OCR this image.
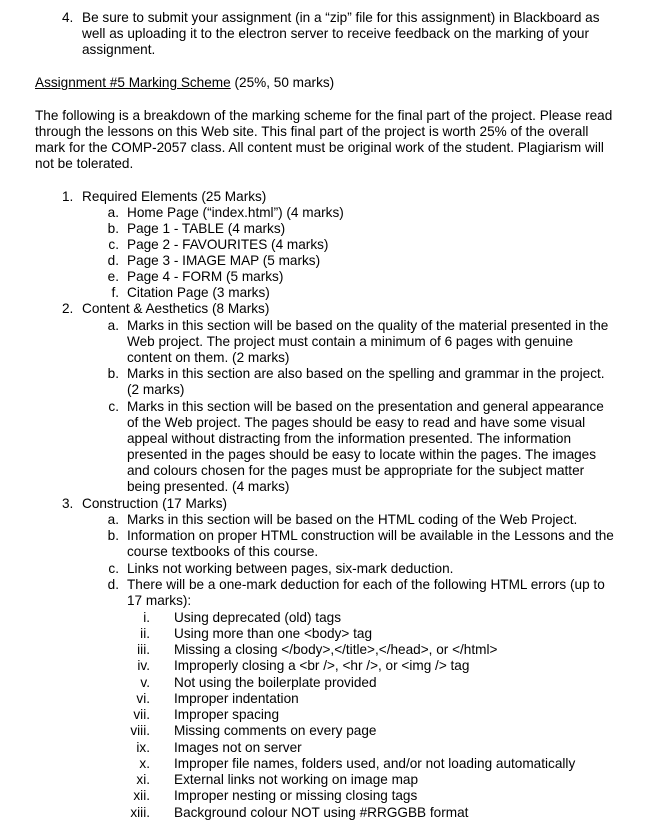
4. Be sure to submit your assignment (in a “zip” file for this assignment) in Blackboard as
well as uploading it to the electron server to receive feedback on the marking of your
assignment.
Assignment #5 Marking Scheme (25%, 50 marks)
The following is a breakdown of the marking scheme for the final part of the project. Please read
through the lessons on this Web site. This final part of the project is worth 25% of the overall
mark for the COMP-2057 class. All content must be original work of the student. Plagiarism will
not be tolerated.
1. Required Elements (25 Marks)
a. Home Page (“index.html”) (4 marks)
b. Page 1 - TABLE (4 marks)
c. Page 2 - FAVOURITES (4 marks)
d. Page 3 - IMAGE MAP (5 marks)
e. Page 4 - FORM (5 marks)
f. Citation Page (3 marks)
2. Content & Aesthetics (8 Marks)
a. Marks in this section will be based on the quality of the material presented in the
Web project. The project must contain a minimum of 6 pages with genuine
content on them. (2 marks)
b. Marks in this section are also based on the spelling and grammar in the project.
(2 marks)
c. Marks in this section will be based on the presentation and general appearance
of the Web project. The pages should be easy to read and have some visual
appeal without distracting from the information presented. The information
presented in the pages should be easy to locate within the pages. The images
and colours chosen for the pages must be appropriate for the subject matter
being presented. (4 marks)
3. Construction (17 Marks)
a. Marks in this section will be based on the HTML coding of the Web Project.
b. Information on proper HTML construction will be available in the Lessons and the
course textbooks of this course.
c. Links not working between pages, six-mark deduction.
d. There will be a one-mark deduction for each of the following HTML errors (up to
17 marks):
i. Using deprecated (old) tags
ii. Using more than one <body> tag
iii. Missing a closing </body>,</title>,</head>, or </html>
iv. Improperly closing a <br />, <hr />, or <img /> tag
v. Not using the boilerplate provided
vi. Improper indentation
vii. Improper spacing
viii. Missing comments on every page
ix. Images not on server
x. Improper file names, folders used, and/or not loading automatically
xi. External links not working on image map
xii. Improper nesting or missing closing tags
xiii. Background colour NOT using #RRGGBB format
